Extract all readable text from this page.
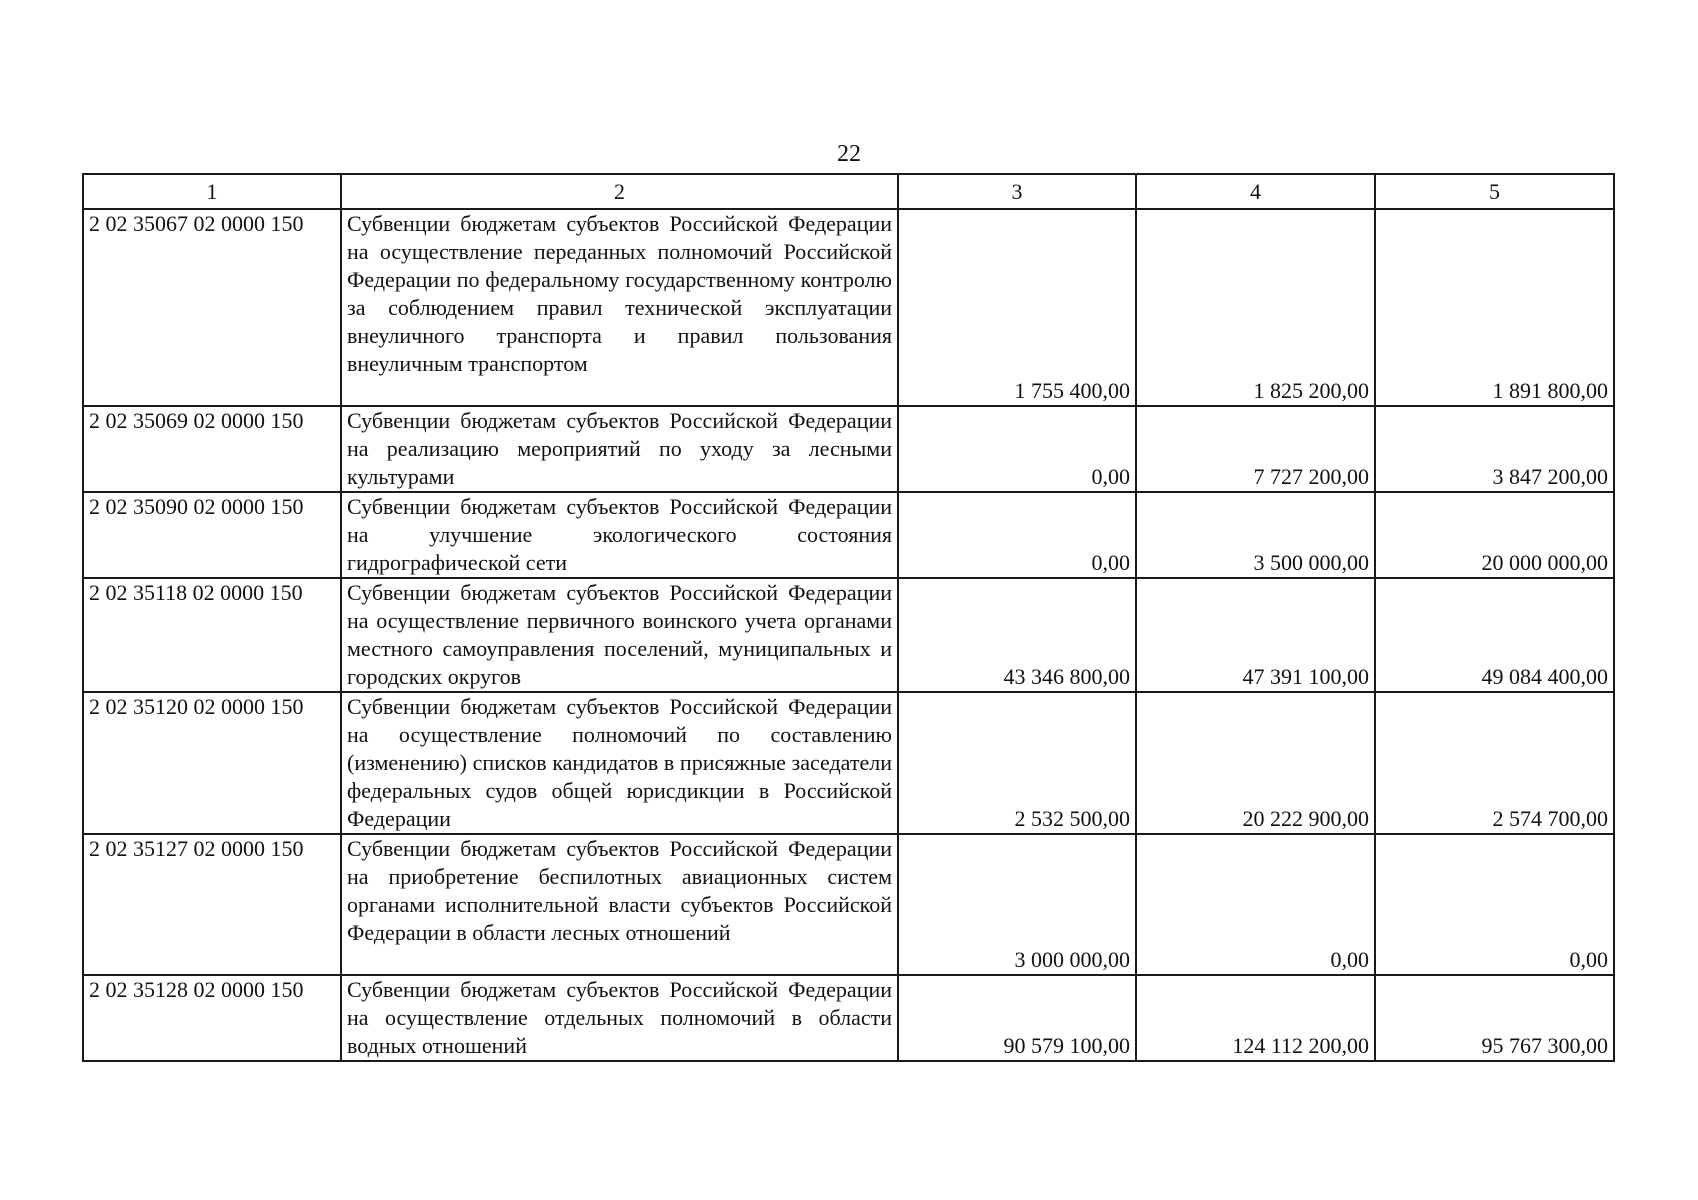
22
1	2	3	4	5
2 02 35067 02 0000 150	Субвенции бюджетам субъектов Российской Федерации на осуществление переданных полномочий Российской Федерации по федеральному государственному контролю за соблюдением правил технической эксплуатации внеуличного транспорта и правил пользования внеуличным транспортом	1 755 400,00	1 825 200,00	1 891 800,00
2 02 35069 02 0000 150	Субвенции бюджетам субъектов Российской Федерации на реализацию мероприятий по уходу за лесными культурами	0,00	7 727 200,00	3 847 200,00
2 02 35090 02 0000 150	Субвенции бюджетам субъектов Российской Федерации на улучшение экологического состояния гидрографической сети	0,00	3 500 000,00	20 000 000,00
2 02 35118 02 0000 150	Субвенции бюджетам субъектов Российской Федерации на осуществление первичного воинского учета органами местного самоуправления поселений, муниципальных и городских округов	43 346 800,00	47 391 100,00	49 084 400,00
2 02 35120 02 0000 150	Субвенции бюджетам субъектов Российской Федерации на осуществление полномочий по составлению (изменению) списков кандидатов в присяжные заседатели федеральных судов общей юрисдикции в Российской Федерации	2 532 500,00	20 222 900,00	2 574 700,00
2 02 35127 02 0000 150	Субвенции бюджетам субъектов Российской Федерации на приобретение беспилотных авиационных систем органами исполнительной власти субъектов Российской Федерации в области лесных отношений	3 000 000,00	0,00	0,00
2 02 35128 02 0000 150	Субвенции бюджетам субъектов Российской Федерации на осуществление отдельных полномочий в области водных отношений	90 579 100,00	124 112 200,00	95 767 300,00
